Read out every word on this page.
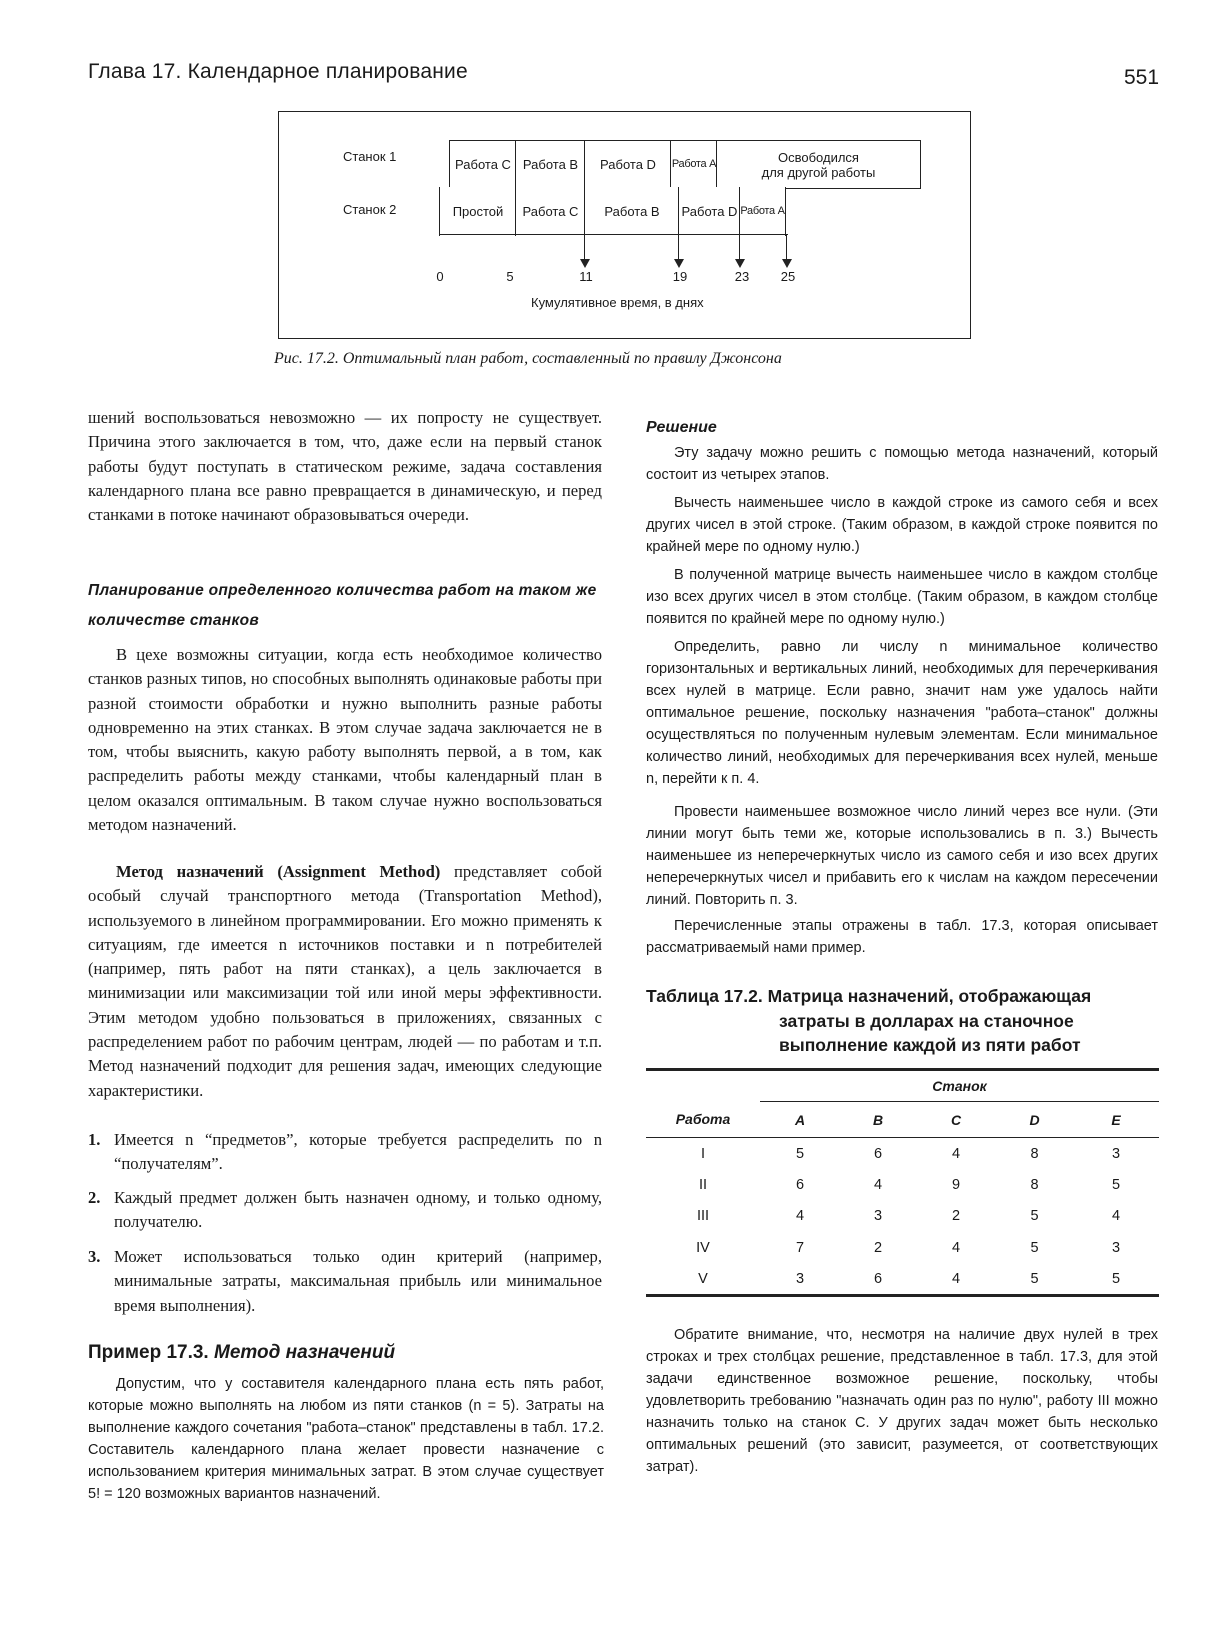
Глава 17. Календарное планирование	551
Станок 1
Станок 2
Работа C Работа B	Работа D	Работа A	Освободился
для другой работы
Простой	Работа C	Работа B	Работа D Работа A
0	5	11	19	23	25
Кумулятивное время, в днях
Рис. 17.2. Оптимальный план работ, составленный по правилу Джонсона

шений воспользоваться невозможно — их попросту не существует. Причина этого заключается в том, что, даже если на первый станок работы будут поступать в статическом режиме, задача составления календарного плана все равно превращается в динамическую, и перед станками в потоке начинают образовываться очереди.

Планирование определенного количества работ на таком же количестве станков

В цехе возможны ситуации, когда есть необходимое количество станков разных типов, но способных выполнять одинаковые работы при разной стоимости обработки и нужно выполнить разные работы одновременно на этих станках. В этом случае задача заключается не в том, чтобы выяснить, какую работу выполнять первой, а в том, как распределить работы между станками, чтобы календарный план в целом оказался оптимальным. В таком случае нужно воспользоваться методом назначений.

Метод назначений (Assignment Method) представляет собой особый случай транспортного метода (Transportation Method), используемого в линейном программировании. Его можно применять к ситуациям, где имеется n источников поставки и n потребителей (например, пять работ на пяти станках), а цель заключается в минимизации или максимизации той или иной меры эффективности. Этим методом удобно пользоваться в приложениях, связанных с распределением работ по рабочим центрам, людей — по работам и т.п. Метод назначений подходит для решения задач, имеющих следующие характеристики.

1. Имеется n “предметов”, которые требуется распределить по n “получателям”.
2. Каждый предмет должен быть назначен одному, и только одному, получателю.
3. Может использоваться только один критерий (например, минимальные затраты, максимальная прибыль или минимальное время выполнения).
Пример 17.3. Метод назначений

Допустим, что у составителя календарного плана есть пять работ, которые можно выполнять на любом из пяти станков (n = 5). Затраты на выполнение каждого сочетания "работа–станок" представлены в табл. 17.2. Составитель календарного плана желает провести назначение с использованием критерия минимальных затрат. В этом случае существует 5! = 120 возможных вариантов назначений.

Решение

Эту задачу можно решить с помощью метода назначений, который состоит из четырех этапов.

Вычесть наименьшее число в каждой строке из самого себя и всех других чисел в этой строке. (Таким образом, в каждой строке появится по крайней мере по одному нулю.)

В полученной матрице вычесть наименьшее число в каждом столбце изо всех других чисел в этом столбце. (Таким образом, в каждом столбце появится по крайней мере по одному нулю.)

Определить, равно ли числу n минимальное количество горизонтальных и вертикальных линий, необходимых для перечеркивания всех нулей в матрице. Если равно, значит нам уже удалось найти оптимальное решение, поскольку назначения "работа–станок" должны осуществляться по полученным нулевым элементам. Если минимальное количество линий, необходимых для перечеркивания всех нулей, меньше n, перейти к п. 4.

Провести наименьшее возможное число линий через все нули. (Эти линии могут быть теми же, которые использовались в п. 3.) Вычесть наименьшее из неперечеркнутых число из самого себя и изо всех других неперечеркнутых чисел и прибавить его к числам на каждом пересечении линий. Повторить п. 3.

Перечисленные этапы отражены в табл. 17.3, которая описывает рассматриваемый нами пример.

Таблица 17.2. Матрица назначений, отображающая
затраты в долларах на станочное выполнение каждой из пяти работ
	Станок				
Работа	A	B	C	D	E
I	5	6	4	8	3
II	6	4	9	8	5
III	4	3	2	5	4
IV	7	2	4	5	3
V	3	6	4	5	5

Обратите внимание, что, несмотря на наличие двух нулей в трех строках и трех столбцах решение, представленное в табл. 17.3, для этой задачи единственное возможное решение, поскольку, чтобы удовлетворить требованию "назначать один раз по нулю", работу III можно назначить только на станок C. У других задач может быть несколько оптимальных решений (это зависит, разумеется, от соответствующих затрат).
